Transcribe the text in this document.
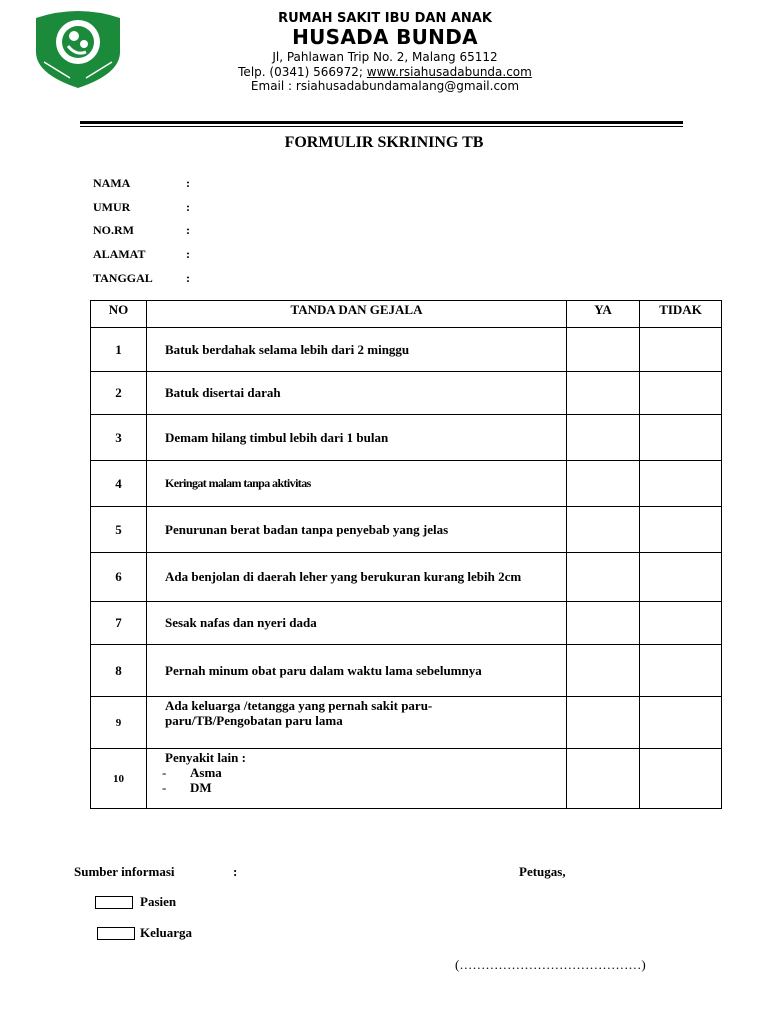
RUMAH SAKIT IBU DAN ANAK
HUSADA BUNDA
Jl, Pahlawan Trip No. 2, Malang 65112
Telp. (0341) 566972; www.rsiahusadabunda.com
Email : rsiahusadabundamalang@gmail.com
FORMULIR SKRINING TB
NAMA	:
UMUR	:
NO.RM	:
ALAMAT	:
TANGGAL	:
NO	TANDA DAN GEJALA	YA	TIDAK
1	Batuk berdahak selama lebih dari 2 minggu		
2	Batuk disertai darah		
3	Demam hilang timbul lebih dari 1 bulan		
4	Keringat malam tanpa aktivitas		
5	Penurunan berat badan tanpa penyebab yang jelas		
6	Ada benjolan di daerah leher yang berukuran kurang lebih 2cm		
7	Sesak nafas dan nyeri dada		
8	Pernah minum obat paru dalam waktu lama sebelumnya		
9	Ada keluarga /tetangga yang pernah sakit paru-
paru/TB/Pengobatan paru lama		

10	Penyakit lain :
- Asma
- DM		

Sumber informasi	:	Petugas,
Pasien
Keluarga
(……………………………………)
